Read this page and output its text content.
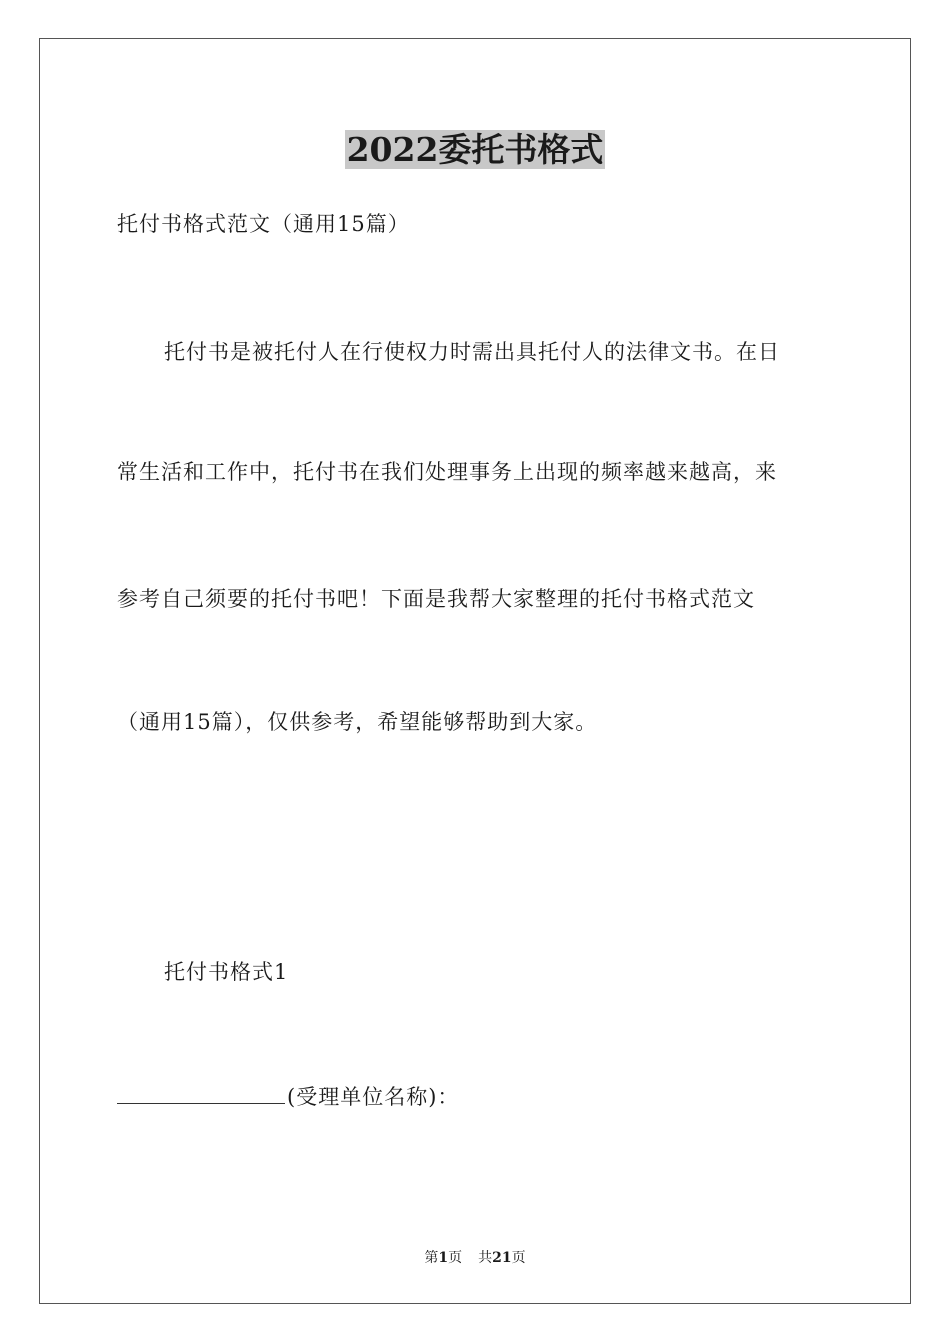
2022委托书格式
托付书格式范文（通用15篇）
托付书是被托付人在行使权力时需出具托付人的法律文书。在日
常生活和工作中，托付书在我们处理事务上出现的频率越来越高，来
参考自己须要的托付书吧！下面是我帮大家整理的托付书格式范文
（通用15篇），仅供参考，希望能够帮助到大家。
托付书格式1
(受理单位名称)：
第1页 共21页
